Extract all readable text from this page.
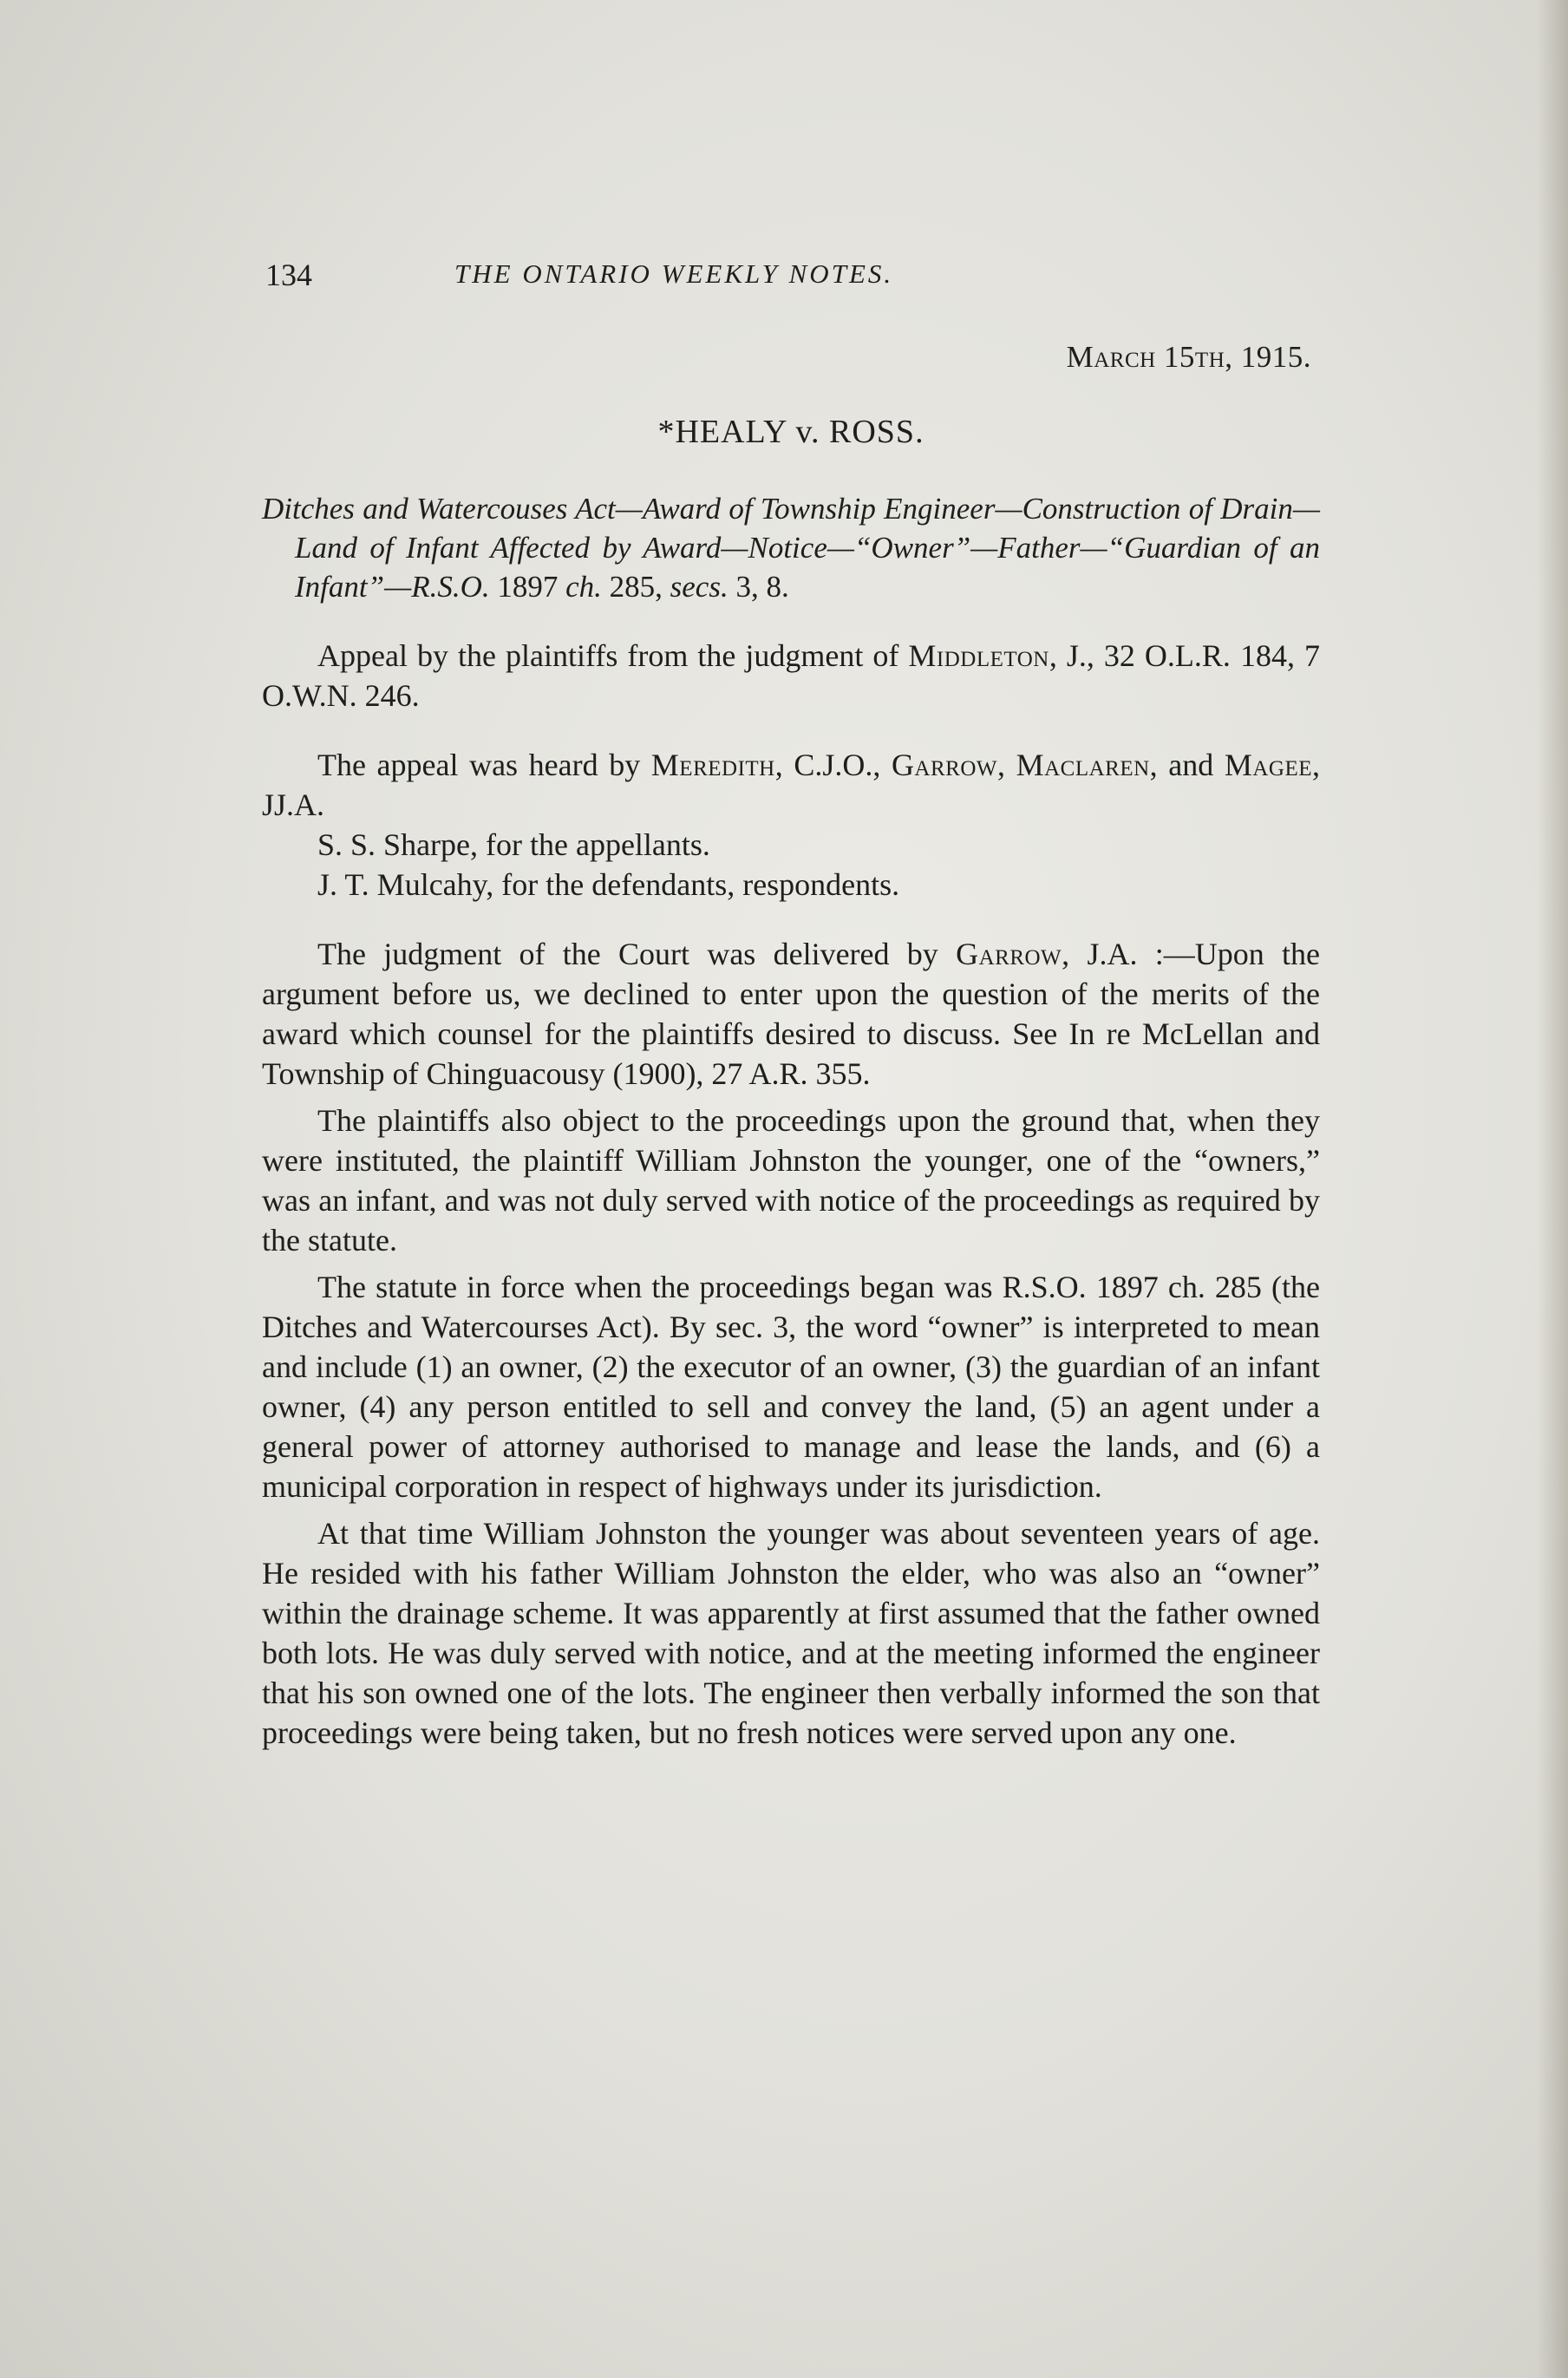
134	THE ONTARIO WEEKLY NOTES.
March 15th, 1915.
*HEALY v. ROSS.
Ditches and Watercouses Act—Award of Township Engineer—Construction of Drain—Land of Infant Affected by Award—Notice—“Owner”—Father—“Guardian of an Infant”—R.S.O. 1897 ch. 285, secs. 3, 8.

Appeal by the plaintiffs from the judgment of Middleton, J., 32 O.L.R. 184, 7 O.W.N. 246.

The appeal was heard by Meredith, C.J.O., Garrow, Maclaren, and Magee, JJ.A.

S. S. Sharpe, for the appellants.

J. T. Mulcahy, for the defendants, respondents.

The judgment of the Court was delivered by Garrow, J.A. :—Upon the argument before us, we declined to enter upon the question of the merits of the award which counsel for the plaintiffs desired to discuss. See In re McLellan and Township of Chinguacousy (1900), 27 A.R. 355.

The plaintiffs also object to the proceedings upon the ground that, when they were instituted, the plaintiff William Johnston the younger, one of the “owners,” was an infant, and was not duly served with notice of the proceedings as required by the statute.

The statute in force when the proceedings began was R.S.O. 1897 ch. 285 (the Ditches and Watercourses Act). By sec. 3, the word “owner” is interpreted to mean and include (1) an owner, (2) the executor of an owner, (3) the guardian of an infant owner, (4) any person entitled to sell and convey the land, (5) an agent under a general power of attorney authorised to manage and lease the lands, and (6) a municipal corporation in respect of highways under its jurisdiction.

At that time William Johnston the younger was about seventeen years of age. He resided with his father William Johnston the elder, who was also an “owner” within the drainage scheme. It was apparently at first assumed that the father owned both lots. He was duly served with notice, and at the meeting informed the engineer that his son owned one of the lots. The engineer then verbally informed the son that proceedings were being taken, but no fresh notices were served upon any one.
